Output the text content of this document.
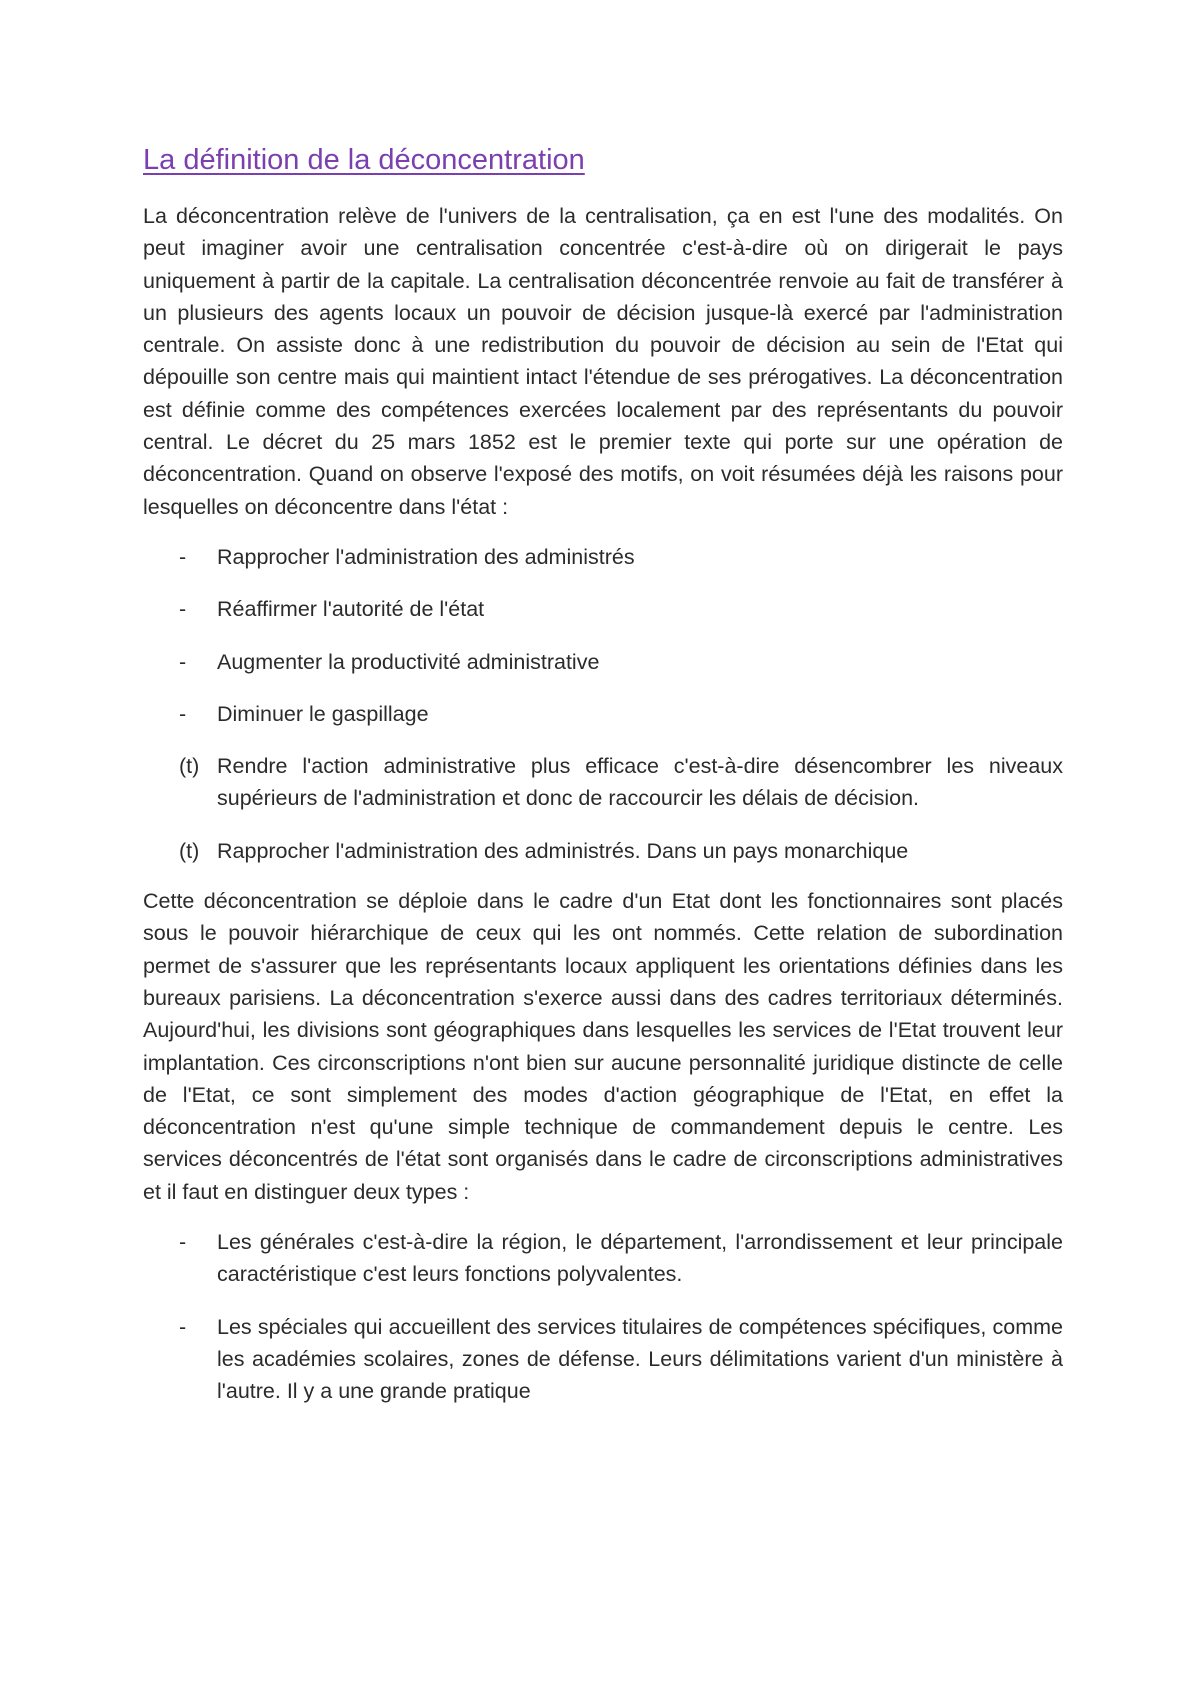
La définition de la déconcentration

La déconcentration relève de l'univers de la centralisation, ça en est l'une des modalités. On peut imaginer avoir une centralisation concentrée c'est-à-dire où on dirigerait le pays uniquement à partir de la capitale. La centralisation déconcentrée renvoie au fait de transférer à un plusieurs des agents locaux un pouvoir de décision jusque-là exercé par l'administration centrale. On assiste donc à une redistribution du pouvoir de décision au sein de l'Etat qui dépouille son centre mais qui maintient intact l'étendue de ses prérogatives. La déconcentration est définie comme des compétences exercées localement par des représentants du pouvoir central. Le décret du 25 mars 1852 est le premier texte qui porte sur une opération de déconcentration. Quand on observe l'exposé des motifs, on voit résumées déjà les raisons pour lesquelles on déconcentre dans l'état :

-	Rapprocher l'administration des administrés
-	Réaffirmer l'autorité de l'état
-	Augmenter la productivité administrative
-	Diminuer le gaspillage
(t) Rendre l'action administrative plus efficace c'est-à-dire désencombrer les niveaux supérieurs de l'administration et donc de raccourcir les délais de décision.
(t) Rapprocher l'administration des administrés. Dans un pays monarchique

Cette déconcentration se déploie dans le cadre d'un Etat dont les fonctionnaires sont placés sous le pouvoir hiérarchique de ceux qui les ont nommés. Cette relation de subordination permet de s'assurer que les représentants locaux appliquent les orientations définies dans les bureaux parisiens. La déconcentration s'exerce aussi dans des cadres territoriaux déterminés. Aujourd'hui, les divisions sont géographiques dans lesquelles les services de l'Etat trouvent leur implantation. Ces circonscriptions n'ont bien sur aucune personnalité juridique distincte de celle de l'Etat, ce sont simplement des modes d'action géographique de l'Etat, en effet la déconcentration n'est qu'une simple technique de commandement depuis le centre. Les services déconcentrés de l'état sont organisés dans le cadre de circonscriptions administratives et il faut en distinguer deux types :

-	Les générales c'est-à-dire la région, le département, l'arrondissement et leur principale caractéristique c'est leurs fonctions polyvalentes.
-	Les spéciales qui accueillent des services titulaires de compétences spécifiques, comme les académies scolaires, zones de défense. Leurs délimitations varient d'un ministère à l'autre. Il y a une grande pratique
